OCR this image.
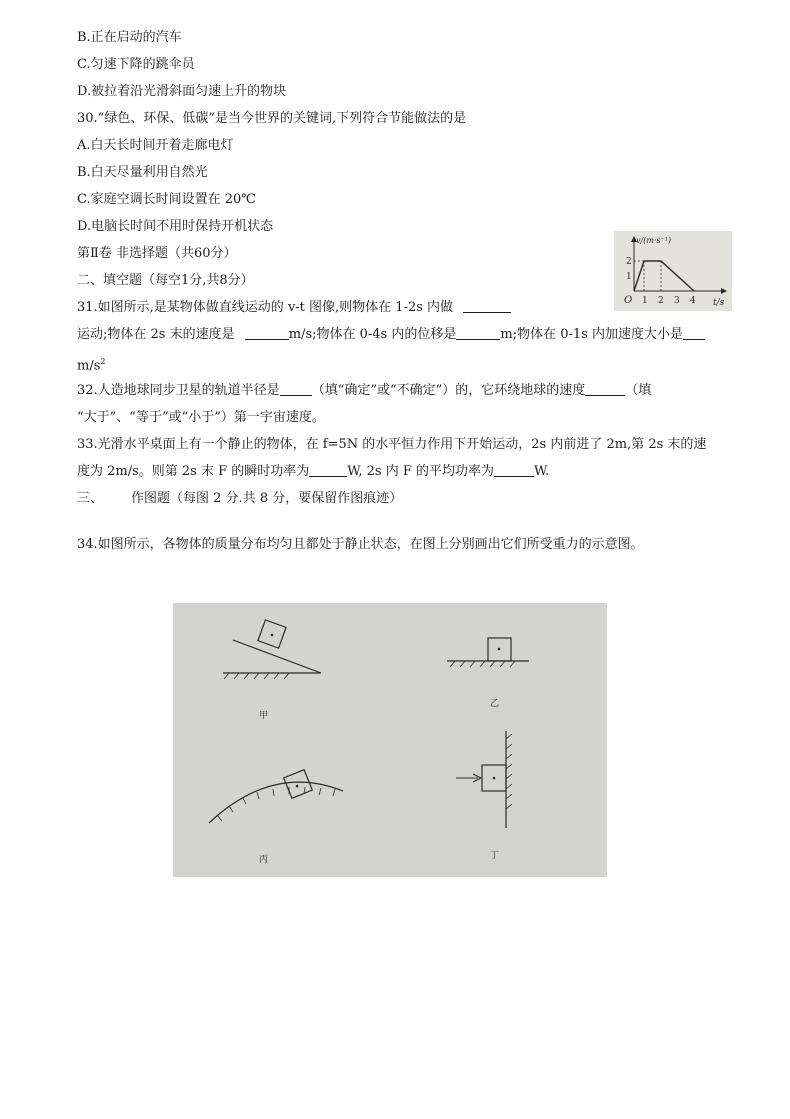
B.正在启动的汽车
C.匀速下降的跳伞员
D.被拉着沿光滑斜面匀速上升的物块
30.“绿色、环保、低碳”是当今世界的关键词,下列符合节能做法的是
A.白天长时间开着走廊电灯
B.白天尽量利用自然光
C.家庭空调长时间设置在 20℃
D.电脑长时间不用时保持开机状态
第Ⅱ卷 非选择题（共60分）
二、填空题（每空1分,共8分）
31.如图所示,是某物体做直线运动的 v-t 图像,则物体在 1-2s 内做
运动;物体在 2s 末的速度是	m/s;物体在 0-4s 内的位移是	m;物体在 0-1s 内加速度大小是
$m/s^2$
32.人造地球同步卫星的轨道半径是 （填“确定”或“不确定”）的，它环绕地球的速度	（填
“大于”、“等于”或“小于”）第一宇宙速度。
33.光滑水平桌面上有一个静止的物体，在 f=5N 的水平恒力作用下开始运动，2s 内前进了 2m,第 2s 末的速
度为 2m/s。则第 2s 末 F 的瞬时功率为	W, 2s 内 F 的平均功率为	W.
三、 作图题（每图 2 分.共 8 分，要保留作图痕迹）
34.如图所示，各物体的质量分布均匀且都处于静止状态，在图上分别画出它们所受重力的示意图。
v/(m·s⁻¹)
t/s
O
2
1
1 2 3 4
甲
乙
丙	丁
